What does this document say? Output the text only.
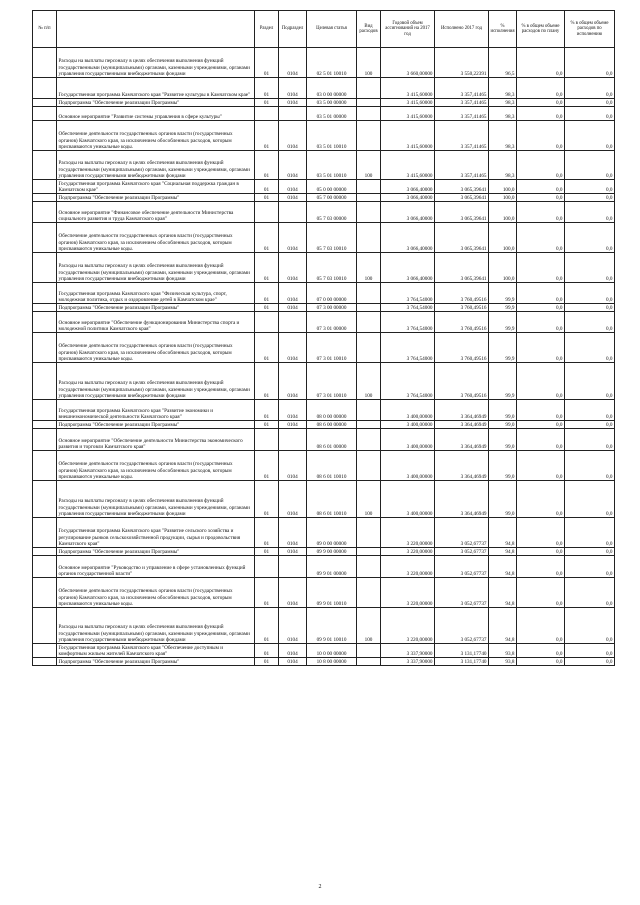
№ п/п		Раздел	Подраздел	Целевая статья	Вид расходов	Годовой объем ассигнований на 2017 год	Исполнено 2017 год	% исполнения	% в общем объеме расходов по плану	% в общем объеме расходов по исполнению
	Расходы на выплаты персоналу в целях обеспечения выполнения функций государственными (муниципальными) органами, казенными учреждениями, органами управления государственными внебюджетными фондами	01	0104	02 5 01 10010	100	3 660,00000	3 550,22391	96,5	0,0	0,0
	Государственная программа Камчатского края "Развитие культуры в Камчатском крае"	01	0104	03 0 00 00000		3 415,60000	3 357,41465	98,3	0,0	0,0
	Подпрограмма "Обеспечение реализации Программы"	01	0104	03 5 00 00000		3 415,60000	3 357,41465	98,3	0,0	0,0
	Основное мероприятие "Развитие системы управления в сфере культуры"			03 5 01 00000		3 415,60000	3 357,41465	98,3	0,0	0,0
	Обеспечение деятельности государственных органов власти (государственных органов) Камчатского края, за исключением обособленных расходов, которым присваиваются уникальные коды.	01	0104	03 5 01 10010		3 415,60000	3 357,41465	98,3	0,0	0,0
	Расходы на выплаты персоналу в целях обеспечения выполнения функций государственными (муниципальными) органами, казенными учреждениями, органами управления государственными внебюджетными фондами	01	0104	03 5 01 10010	100	3 415,60000	3 357,41465	98,3	0,0	0,0
	Государственная программа Камчатского края "Социальная поддержка граждан в Камчатском крае"	01	0104	05 0 00 00000		3 066,40000	3 065,39641	100,0	0,0	0,0
	Подпрограмма "Обеспечение реализации Программы"	01	0104	05 7 00 00000		3 066,40000	3 065,39641	100,0	0,0	0,0
	Основное мероприятие "Финансовое обеспечение деятельности Министерства социального развития и труда Камчатского края"			05 7 03 00000		3 066,40000	3 065,39641	100,0	0,0	0,0
	Обеспечение деятельности государственных органов власти (государственных органов) Камчатского края, за исключением обособленных расходов, которым присваиваются уникальные коды.	01	0104	05 7 03 10010		3 066,40000	3 065,39641	100,0	0,0	0,0
	Расходы на выплаты персоналу в целях обеспечения выполнения функций государственными (муниципальными) органами, казенными учреждениями, органами управления государственными внебюджетными фондами	01	0104	05 7 03 10010	100	3 066,40000	3 065,39641	100,0	0,0	0,0
	Государственная программа Камчатского края "Физическая культура, спорт, молодежная политика, отдых и оздоровление детей в Камчатском крае"	01	0104	07 0 00 00000		3 764,54000	3 760,49516	99,9	0,0	0,0
	Подпрограмма "Обеспечение реализации Программы"	01	0104	07 3 00 00000		3 764,54000	3 760,49516	99,9	0,0	0,0
	Основное мероприятие "Обеспечение функционирования Министерства спорта и молодежной политики Камчатского края"			07 3 01 00000		3 764,54000	3 760,49516	99,9	0,0	0,0
	Обеспечение деятельности государственных органов власти (государственных органов) Камчатского края, за исключением обособленных расходов, которым присваиваются уникальные коды.	01	0104	07 3 01 10010		3 764,54000	3 760,49516	99,9	0,0	0,0
	Расходы на выплаты персоналу в целях обеспечения выполнения функций государственными (муниципальными) органами, казенными учреждениями, органами управления государственными внебюджетными фондами	01	0104	07 3 01 10010	100	3 764,54000	3 760,49516	99,9	0,0	0,0
	Государственная программа Камчатского края "Развитие экономики и внешнеэкономической деятельности Камчатского края"	01	0104	08 0 00 00000		3 400,00000	3 364,46949	99,0	0,0	0,0
	Подпрограмма "Обеспечение реализации Программы"	01	0104	08 6 00 00000		3 400,00000	3 364,46949	99,0	0,0	0,0
	Основное мероприятие "Обеспечение деятельности Министерства экономического развития и торговли Камчатского края"			08 6 01 00000		3 400,00000	3 364,46949	99,0	0,0	0,0
	Обеспечение деятельности государственных органов власти (государственных органов) Камчатского края, за исключением обособленных расходов, которым присваиваются уникальные коды.	01	0104	08 6 01 10010		3 400,00000	3 364,46949	99,0	0,0	0,0
	Расходы на выплаты персоналу в целях обеспечения выполнения функций государственными (муниципальными) органами, казенными учреждениями, органами управления государственными внебюджетными фондами	01	0104	08 6 01 10010	100	3 400,00000	3 364,46949	99,0	0,0	0,0
	Государственная программа Камчатского края "Развитие сельского хозяйства и регулирование рынков сельскохозяйственной продукции, сырья и продовольствия Камчатского края"	01	0104	09 0 00 00000		3 220,00000	3 052,67737	94,8	0,0	0,0
	Подпрограмма "Обеспечение реализации Программы"	01	0104	09 9 00 00000		3 220,00000	3 052,67737	94,8	0,0	0,0
	Основное мероприятие "Руководство и управление в сфере установленных функций органов государственной власти"			09 9 01 00000		3 220,00000	3 052,67737	94,8	0,0	0,0
	Обеспечение деятельности государственных органов власти (государственных органов) Камчатского края, за исключением обособленных расходов, которым присваиваются уникальные коды.	01	0104	09 9 01 10010		3 220,00000	3 052,67737	94,8	0,0	0,0
	Расходы на выплаты персоналу в целях обеспечения выполнения функций государственными (муниципальными) органами, казенными учреждениями, органами управления государственными внебюджетными фондами	01	0104	09 9 01 10010	100	3 220,00000	3 052,67737	94,8	0,0	0,0
	Государственная программа Камчатского края "Обеспечение доступным и комфортным жильем жителей Камчатского края"	01	0104	10 0 00 00000		3 337,90000	3 131,17740	93,8	0,0	0,0
	Подпрограмма "Обеспечение реализации Программы"	01	0104	10 8 00 00000		3 337,90000	3 131,17740	93,8	0,0	0,0
2
